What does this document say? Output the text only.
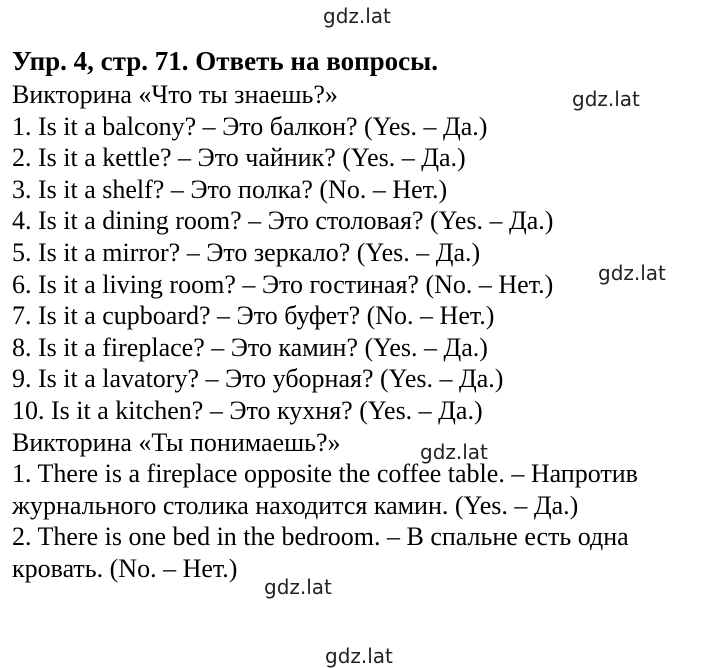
gdz.lat
gdz.lat
gdz.lat
gdz.lat
gdz.lat
gdz.lat
Упр. 4, стр. 71. Ответь на вопросы.
Викторина «Что ты знаешь?»
1. Is it a balcony? – Это балкон? (Yes. – Да.)
2. Is it a kettle? – Это чайник? (Yes. – Да.)
3. Is it a shelf? – Это полка? (No. – Нет.)
4. Is it a dining room? – Это столовая? (Yes. – Да.)
5. Is it a mirror? – Это зеркало? (Yes. – Да.)
6. Is it a living room? – Это гостиная? (No. – Нет.)
7. Is it a cupboard? – Это буфет? (No. – Нет.)
8. Is it a fireplace? – Это камин? (Yes. – Да.)
9. Is it a lavatory? – Это уборная? (Yes. – Да.)
10. Is it a kitchen? – Это кухня? (Yes. – Да.)
Викторина «Ты понимаешь?»
1. There is a fireplace opposite the coffee table. – Напротив
журнального столика находится камин. (Yes. – Да.)
2. There is one bed in the bedroom. – В спальне есть одна
кровать. (No. – Нет.)
